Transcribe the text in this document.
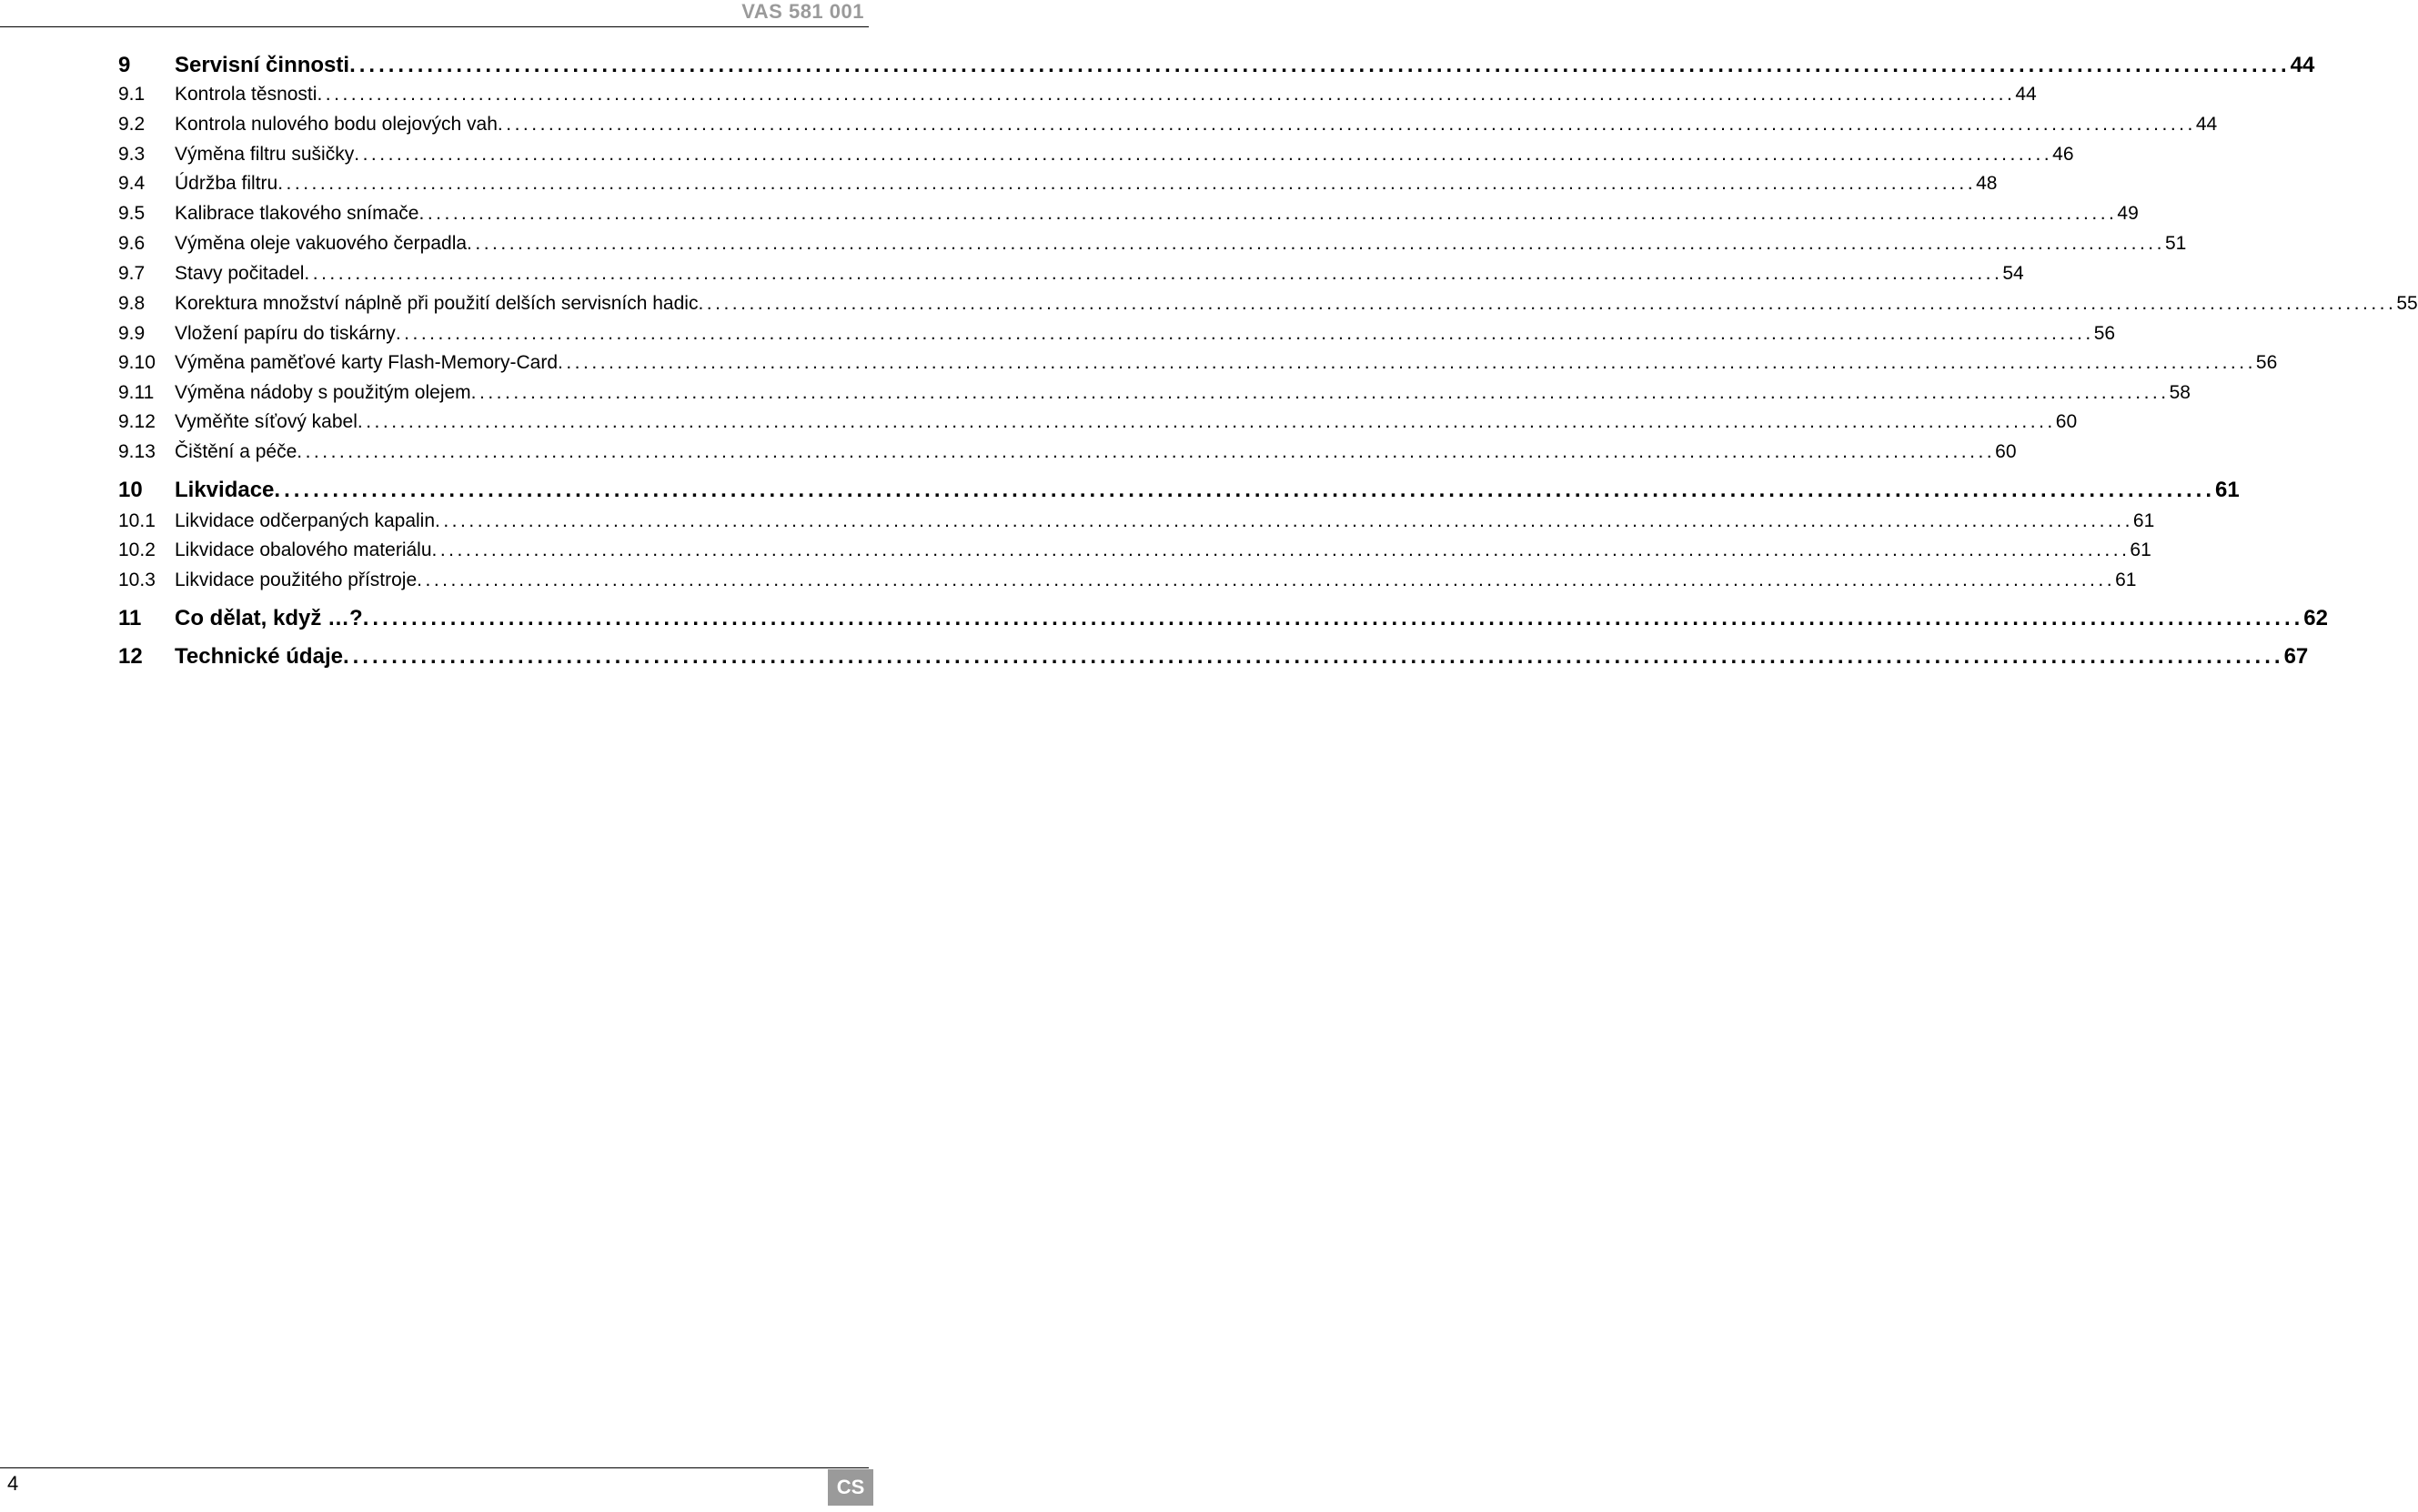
VAS 581 001
9	Servisní činnosti ........................................................................................................................................................................................................ 44
9.1	Kontrola těsnosti ........................................................................................................................................................................................................ 44
9.2	Kontrola nulového bodu olejových vah ........................................................................................................................................................................................................ 44
9.3	Výměna filtru sušičky ........................................................................................................................................................................................................ 46
9.4	Údržba filtru ........................................................................................................................................................................................................ 48
9.5	Kalibrace tlakového snímače ........................................................................................................................................................................................................ 49
9.6	Výměna oleje vakuového čerpadla ........................................................................................................................................................................................................ 51
9.7	Stavy počitadel ........................................................................................................................................................................................................ 54
9.8	Korektura množství náplně při použití delších servisních hadic ........................................................................................................................................................................................................ 55
9.9	Vložení papíru do tiskárny ........................................................................................................................................................................................................ 56
9.10	Výměna paměťové karty Flash-Memory-Card ........................................................................................................................................................................................................ 56
9.11	Výměna nádoby s použitým olejem ........................................................................................................................................................................................................ 58
9.12	Vyměňte síťový kabel ........................................................................................................................................................................................................ 60
9.13	Čištění a péče ........................................................................................................................................................................................................ 60
10	Likvidace ........................................................................................................................................................................................................ 61
10.1	Likvidace odčerpaných kapalin ........................................................................................................................................................................................................ 61
10.2	Likvidace obalového materiálu ........................................................................................................................................................................................................ 61
10.3	Likvidace použitého přístroje ........................................................................................................................................................................................................ 61
11	Co dělat, když …? ........................................................................................................................................................................................................ 62
12	Technické údaje ........................................................................................................................................................................................................ 67
4	CS
